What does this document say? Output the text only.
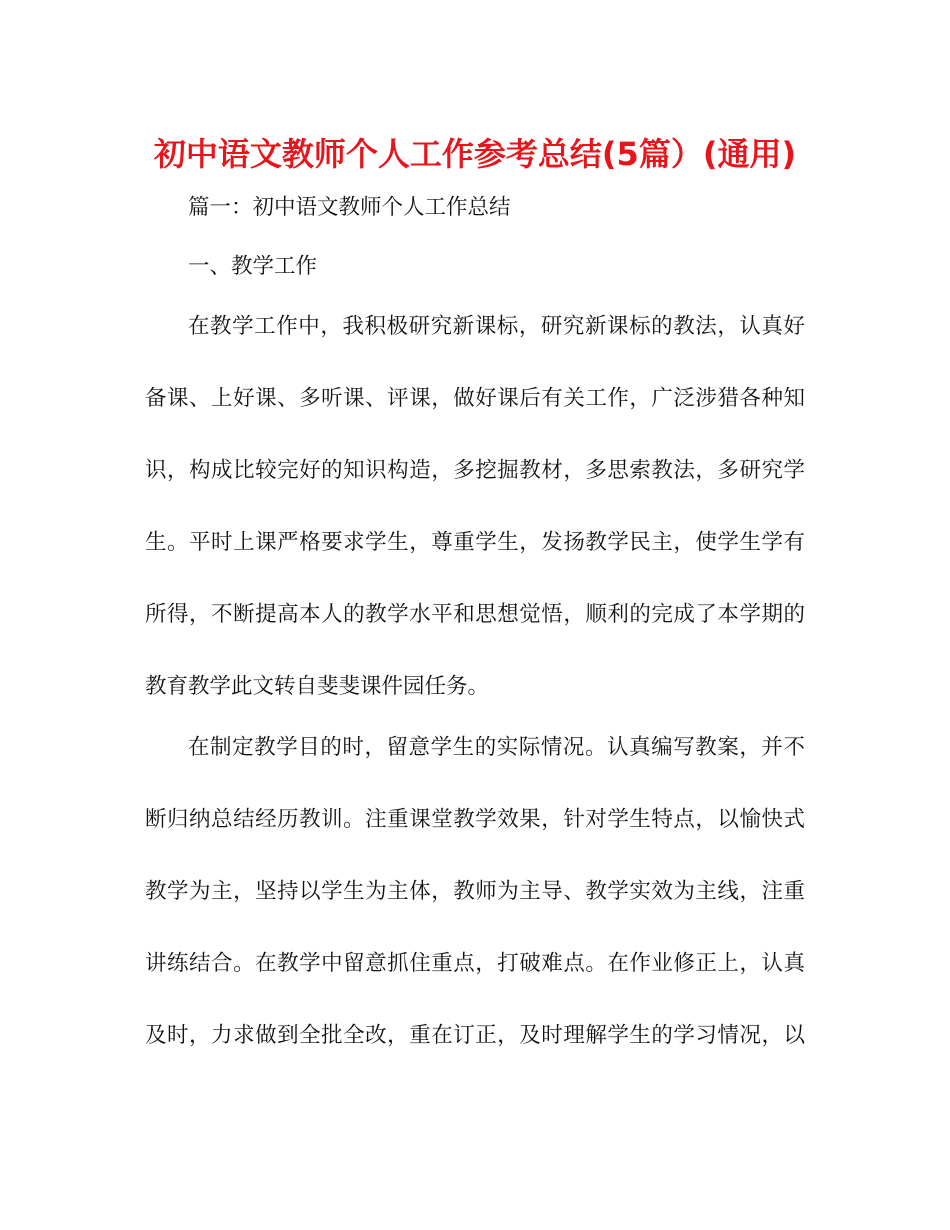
初中语文教师个人工作参考总结(5篇）(通用)

篇一：初中语文教师个人工作总结

一、教学工作

在教学工作中，我积极研究新课标，研究新课标的教法，认真好

备课、上好课、多听课、评课，做好课后有关工作，广泛涉猎各种知

识，构成比较完好的知识构造，多挖掘教材，多思索教法，多研究学

生。平时上课严格要求学生，尊重学生，发扬教学民主，使学生学有

所得，不断提高本人的教学水平和思想觉悟，顺利的完成了本学期的

教育教学此文转自斐斐课件园任务。

在制定教学目的时，留意学生的实际情况。认真编写教案，并不

断归纳总结经历教训。注重课堂教学效果，针对学生特点，以愉快式

教学为主，坚持以学生为主体，教师为主导、教学实效为主线，注重

讲练结合。在教学中留意抓住重点，打破难点。在作业修正上，认真

及时，力求做到全批全改，重在订正，及时理解学生的学习情况，以
